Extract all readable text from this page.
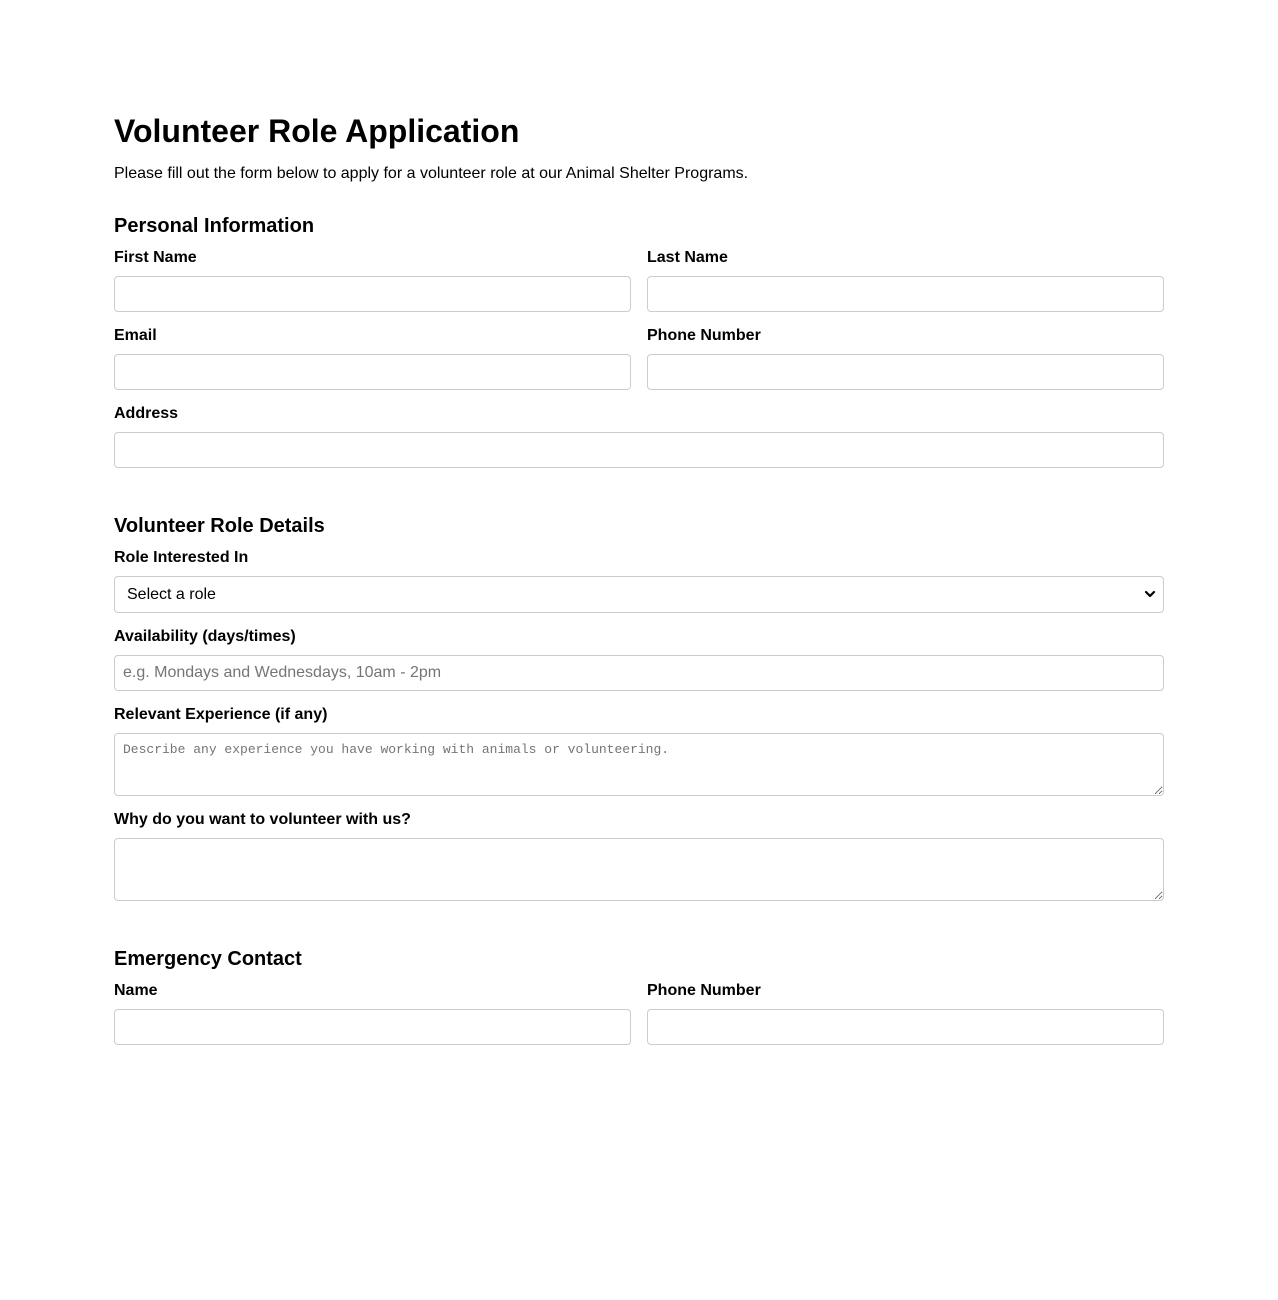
Volunteer Role Application

Please fill out the form below to apply for a volunteer role at our Animal Shelter Programs.

Personal Information
First Name	Last Name
Email	Phone Number
Address
Volunteer Role Details
Role Interested In
Select a role
Availability (days/times)
e.g. Mondays and Wednesdays, 10am - 2pm
Relevant Experience (if any)
Describe any experience you have working with animals or volunteering.
Why do you want to volunteer with us?
Emergency Contact
Name	Phone Number
